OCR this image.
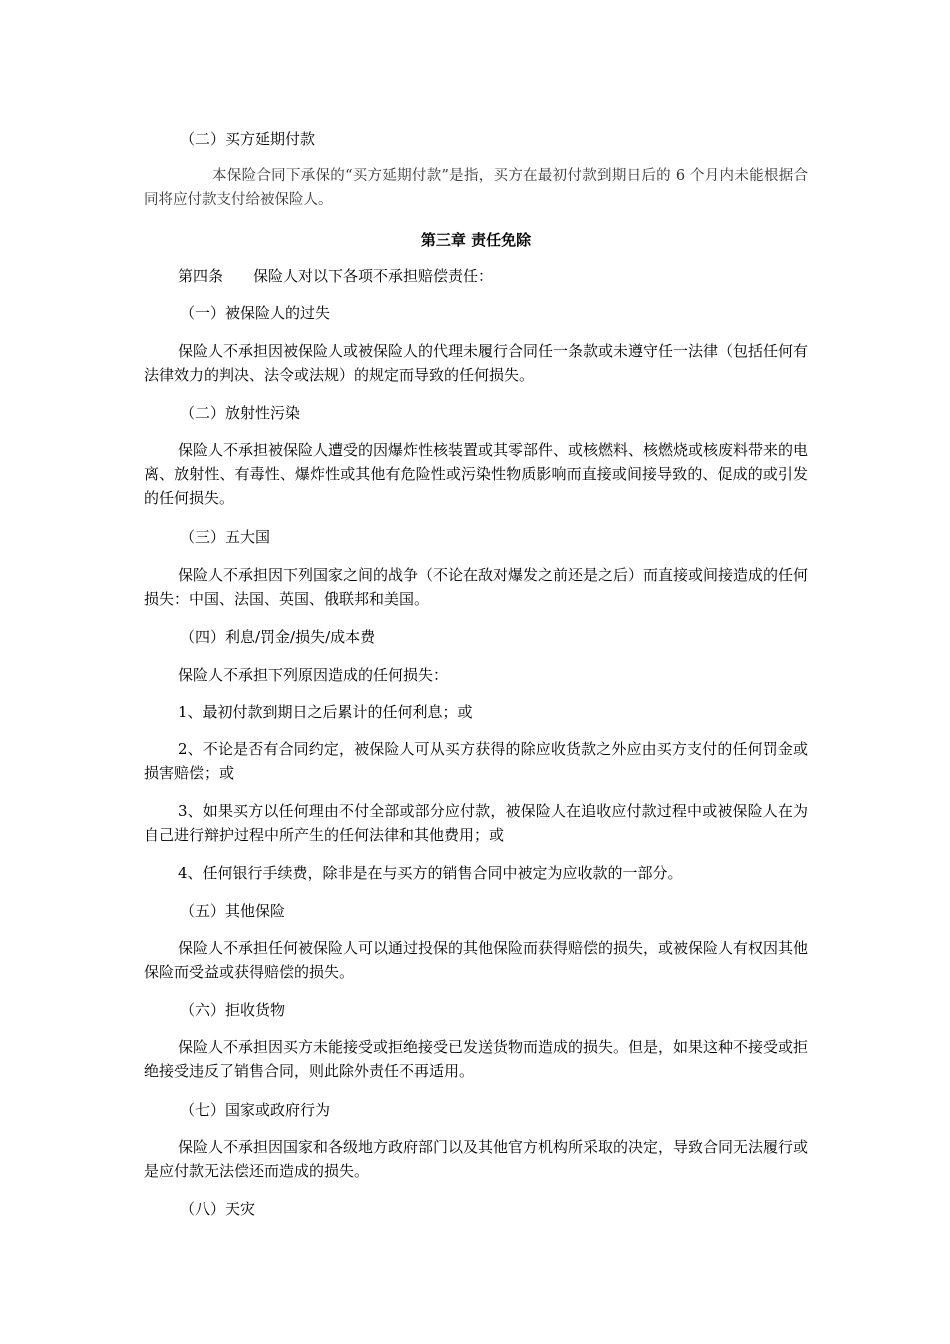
（二）买方延期付款
本保险合同下承保的“买方延期付款”是指，买方在最初付款到期日后的 6 个月内未能根据合同将应付款支付给被保险人。
第三章 责任免除
第四条 保险人对以下各项不承担赔偿责任：
（一）被保险人的过失
保险人不承担因被保险人或被保险人的代理未履行合同任一条款或未遵守任一法律（包括任何有法律效力的判决、法令或法规）的规定而导致的任何损失。
（二）放射性污染
保险人不承担被保险人遭受的因爆炸性核装置或其零部件、或核燃料、核燃烧或核废料带来的电离、放射性、有毒性、爆炸性或其他有危险性或污染性物质影响而直接或间接导致的、促成的或引发的任何损失。
（三）五大国
保险人不承担因下列国家之间的战争（不论在敌对爆发之前还是之后）而直接或间接造成的任何损失：中国、法国、英国、俄联邦和美国。
（四）利息/罚金/损失/成本费
保险人不承担下列原因造成的任何损失：
1、最初付款到期日之后累计的任何利息；或
2、不论是否有合同约定，被保险人可从买方获得的除应收货款之外应由买方支付的任何罚金或损害赔偿；或
3、如果买方以任何理由不付全部或部分应付款，被保险人在追收应付款过程中或被保险人在为自己进行辩护过程中所产生的任何法律和其他费用；或
4、任何银行手续费，除非是在与买方的销售合同中被定为应收款的一部分。
（五）其他保险
保险人不承担任何被保险人可以通过投保的其他保险而获得赔偿的损失，或被保险人有权因其他保险而受益或获得赔偿的损失。
（六）拒收货物
保险人不承担因买方未能接受或拒绝接受已发送货物而造成的损失。但是，如果这种不接受或拒绝接受违反了销售合同，则此除外责任不再适用。
（七）国家或政府行为
保险人不承担因国家和各级地方政府部门以及其他官方机构所采取的决定，导致合同无法履行或是应付款无法偿还而造成的损失。
（八）天灾
